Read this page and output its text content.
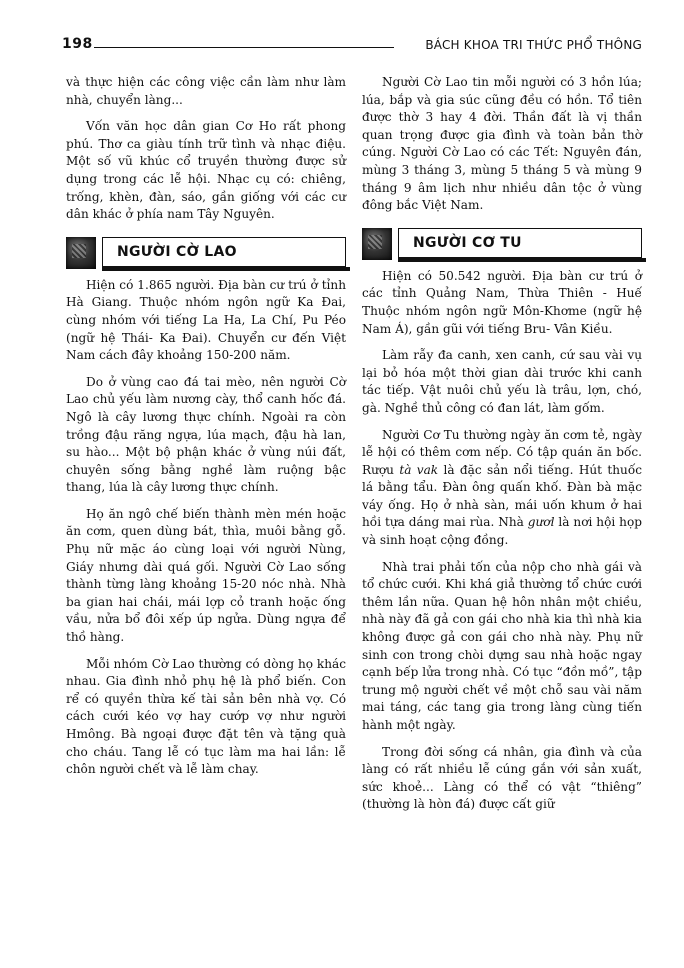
198	BÁCH KHOA TRI THỨC PHỔ THÔNG

và thực hiện các công việc cần làm như làm nhà, chuyển làng...

Vốn văn học dân gian Cơ Ho rất phong phú. Thơ ca giàu tính trữ tình và nhạc điệu. Một số vũ khúc cổ truyền thường được sử dụng trong các lễ hội. Nhạc cụ có: chiêng, trống, khèn, đàn, sáo, gần giống với các cư dân khác ở phía nam Tây Nguyên.

NGƯỜI CỜ LAO

Hiện có 1.865 người. Địa bàn cư trú ở tỉnh Hà Giang. Thuộc nhóm ngôn ngữ Ka Đai, cùng nhóm với tiếng La Ha, La Chí, Pu Péo (ngữ hệ Thái- Ka Đai). Chuyển cư đến Việt Nam cách đây khoảng 150-200 năm.

Do ở vùng cao đá tai mèo, nên người Cờ Lao chủ yếu làm nương cày, thổ canh hốc đá. Ngô là cây lương thực chính. Ngoài ra còn trồng đậu răng ngựa, lúa mạch, đậu hà lan, su hào... Một bộ phận khác ở vùng núi đất, chuyên sống bằng nghề làm ruộng bậc thang, lúa là cây lương thực chính.

Họ ăn ngô chế biến thành mèn mén hoặc ăn cơm, quen dùng bát, thìa, muôi bằng gỗ. Phụ nữ mặc áo cùng loại với người Nùng, Giáy nhưng dài quá gối. Người Cờ Lao sống thành từng làng khoảng 15-20 nóc nhà. Nhà ba gian hai chái, mái lợp cỏ tranh hoặc ống vầu, nửa bổ đôi xếp úp ngửa. Dùng ngựa để thồ hàng.

Mỗi nhóm Cờ Lao thường có dòng họ khác nhau. Gia đình nhỏ phụ hệ là phổ biến. Con rể có quyền thừa kế tài sản bên nhà vợ. Có cách cưới kéo vợ hay cướp vợ như người Hmông. Bà ngoại được đặt tên và tặng quà cho cháu. Tang lễ có tục làm ma hai lần: lễ chôn người chết và lễ làm chay.

Người Cờ Lao tin mỗi người có 3 hồn lúa; lúa, bắp và gia súc cũng đều có hồn. Tổ tiên được thờ 3 hay 4 đời. Thần đất là vị thần quan trọng được gia đình và toàn bản thờ cúng. Người Cờ Lao có các Tết: Nguyên đán, mùng 3 tháng 3, mùng 5 tháng 5 và mùng 9 tháng 9 âm lịch như nhiều dân tộc ở vùng đông bắc Việt Nam.

NGƯỜI CƠ TU

Hiện có 50.542 người. Địa bàn cư trú ở các tỉnh Quảng Nam, Thừa Thiên - Huế Thuộc nhóm ngôn ngữ Môn-Khơme (ngữ hệ Nam Á), gần gũi với tiếng Bru- Vân Kiều.

Làm rẫy đa canh, xen canh, cứ sau vài vụ lại bỏ hóa một thời gian dài trước khi canh tác tiếp. Vật nuôi chủ yếu là trâu, lợn, chó, gà. Nghề thủ công có đan lát, làm gốm.

Người Cơ Tu thường ngày ăn cơm tẻ, ngày lễ hội có thêm cơm nếp. Có tập quán ăn bốc. Rượu tà vak là đặc sản nổi tiếng. Hút thuốc lá bằng tẩu. Đàn ông quấn khố. Đàn bà mặc váy ống. Họ ở nhà sàn, mái uốn khum ở hai hồi tựa dáng mai rùa. Nhà gươl là nơi hội họp và sinh hoạt cộng đồng.

Nhà trai phải tốn của nộp cho nhà gái và tổ chức cưới. Khi khá giả thường tổ chức cưới thêm lần nữa. Quan hệ hôn nhân một chiều, nhà này đã gả con gái cho nhà kia thì nhà kia không được gả con gái cho nhà này. Phụ nữ sinh con trong chòi dựng sau nhà hoặc ngay cạnh bếp lửa trong nhà. Có tục “đồn mồ”, tập trung mộ người chết về một chỗ sau vài năm mai táng, các tang gia trong làng cùng tiến hành một ngày.

Trong đời sống cá nhân, gia đình và của làng có rất nhiều lễ cúng gắn với sản xuất, sức khoẻ... Làng có thể có vật “thiêng” (thường là hòn đá) được cất giữ
